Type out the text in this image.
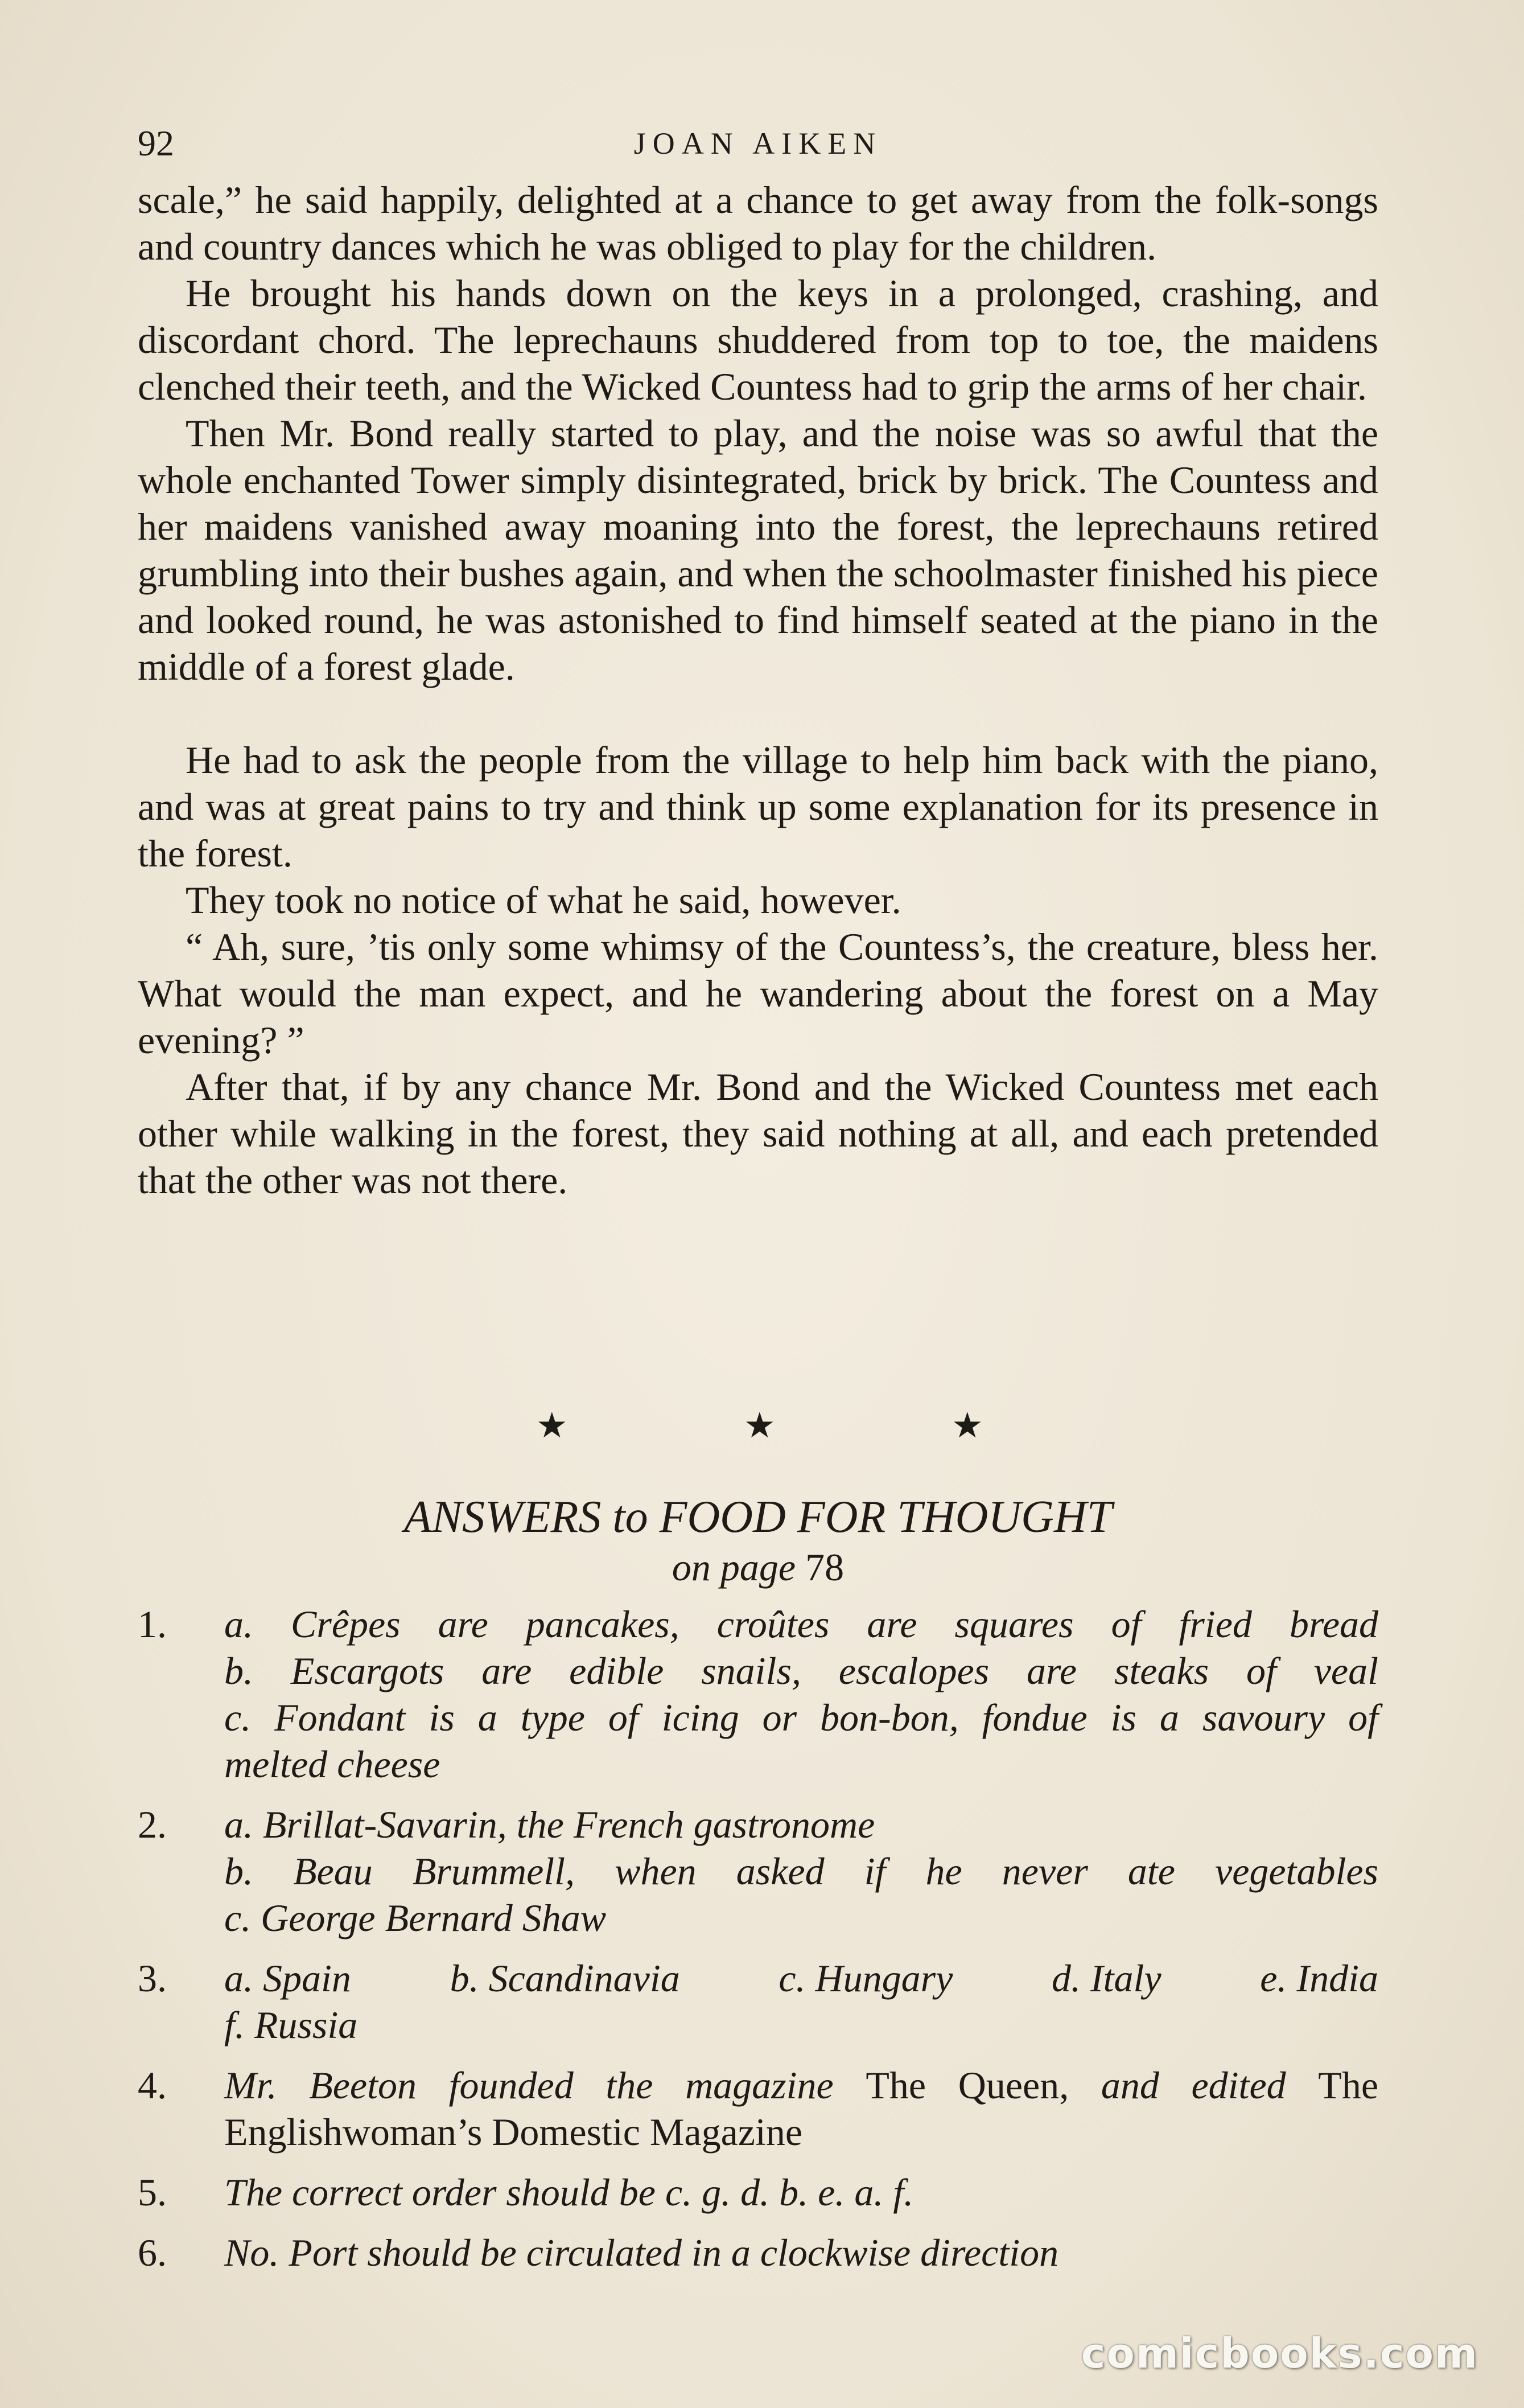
92	JOAN AIKEN

scale,” he said happily, delighted at a chance to get away from the folk-songs and country dances which he was obliged to play for the children.

He brought his hands down on the keys in a prolonged, crashing, and discordant chord. The leprechauns shuddered from top to toe, the maidens clenched their teeth, and the Wicked Countess had to grip the arms of her chair.

Then Mr. Bond really started to play, and the noise was so awful that the whole enchanted Tower simply disintegrated, brick by brick. The Countess and her maidens vanished away moaning into the forest, the leprechauns retired grumbling into their bushes again, and when the schoolmaster finished his piece and looked round, he was astonished to find himself seated at the piano in the middle of a forest glade.

He had to ask the people from the village to help him back with the piano, and was at great pains to try and think up some explanation for its presence in the forest.

They took no notice of what he said, however.

“ Ah, sure, ’tis only some whimsy of the Countess’s, the creature, bless her. What would the man expect, and he wandering about the forest on a May evening? ”

After that, if by any chance Mr. Bond and the Wicked Countess met each other while walking in the forest, they said nothing at all, and each pretended that the other was not there.

★	★	★
ANSWERS to FOOD FOR THOUGHT
on page 78
1. a. Crêpes are pancakes, croûtes are squares of fried bread
b. Escargots are edible snails, escalopes are steaks of veal
c. Fondant is a type of icing or bon-bon, fondue is a savoury of
melted cheese
2. a. Brillat-Savarin, the French gastronome
b. Beau Brummell, when asked if he never ate vegetables
c. George Bernard Shaw
3. a. Spain	b. Scandinavia	c. Hungary	d. Italy	e. India
f. Russia
4. Mr. Beeton founded the magazine The Queen, and edited The
Englishwoman’s Domestic Magazine
5. The correct order should be c. g. d. b. e. a. f.
6. No. Port should be circulated in a clockwise direction
comicbooks.com
